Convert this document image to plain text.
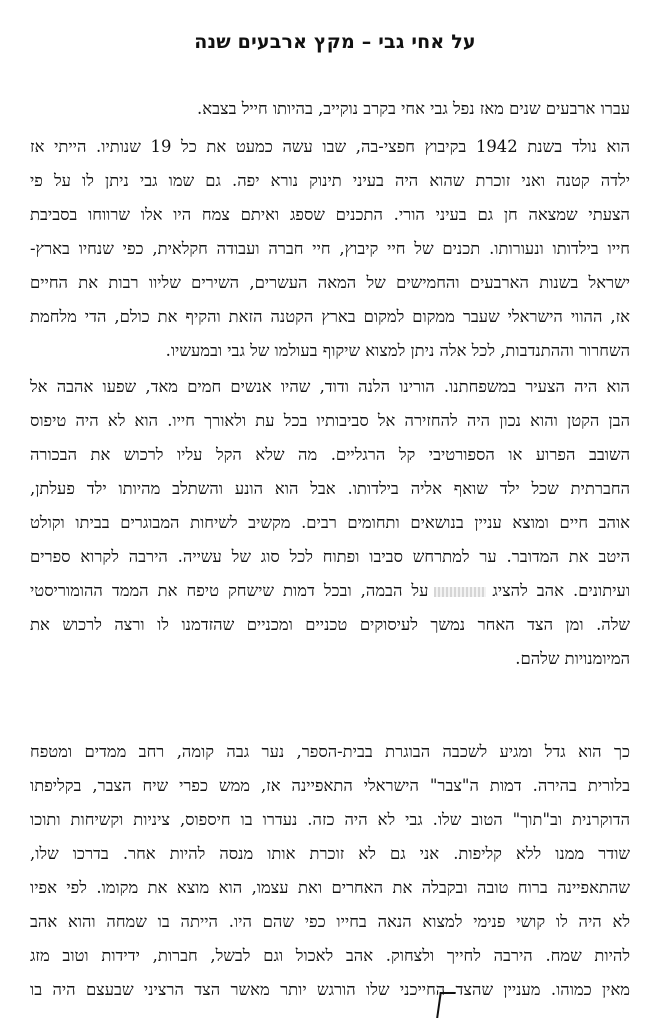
על אחי גבי – מקץ ארבעים שנה
עברו ארבעים שנים מאז נפל גבי אחי בקרב נוקייב, בהיותו חייל בצבא.
הוא נולד בשנת 1942 בקיבוץ חפצי-בה, שבו עשה כמעט את כל 19 שנותיו. הייתי אז
ילדה קטנה ואני זוכרת שהוא היה בעיני תינוק נורא יפה. גם שמו גבי ניתן לו על פי
הצעתי שמצאה חן גם בעיני הורי. התכנים שספג ואיתם צמח היו אלו שרווחו בסביבת
חייו בילדותו ונעורותו. תכנים של חיי קיבוץ, חיי חברה ועבודה חקלאית, כפי שנחיו בארץ-
ישראל בשנות הארבעים והחמישים של המאה העשרים, השירים שליוו רבות את החיים
אז, ההווי הישראלי שעבר ממקום למקום בארץ הקטנה הזאת והקיף את כולם, הדי מלחמת
השחרור וההתנדבות, לכל אלה ניתן למצוא שיקוף בעולמו של גבי ובמעשיו.
הוא היה הצעיר במשפחתנו. הורינו הלנה ודוד, שהיו אנשים חמים מאד, שפעו אהבה אל
הבן הקטן והוא נכון היה להחזירה אל סביבותיו בכל עת ולאורך חייו. הוא לא היה טיפוס
השובב הפרוע או הספורטיבי קל הרגליים. מה שלא הקל עליו לרכוש את הבכורה
החברתית שכל ילד שואף אליה בילדותו. אבל הוא הונע והשתלב מהיותו ילד פעלתן,
אוהב חיים ומוצא עניין בנושאים ותחומים רבים. מקשיב לשיחות המבוגרים בביתו וקולט
היטב את המדובר. ער למתרחש סביבו ופתוח לכל סוג של עשייה. הירבה לקרוא ספרים
ועיתונים. אהב להציגעל הבמה, ובכל דמות שישחק טיפח את הממד ההומוריסטי
שלה. ומן הצד האחר נמשך לעיסוקים טכניים ומכניים שהזדמנו לו ורצה לרכוש את
המיומנויות שלהם.
כך הוא גדל ומגיע לשכבה הבוגרת בבית-הספר, נער גבה קומה, רחב ממדים ומטפח
בלורית בהירה. דמות ה"צבר" הישראלי התאפיינה אז, ממש כפרי שיח הצבר, בקליפתו
הדוקרנית וב"תוך" הטוב שלו. גבי לא היה כזה. נעדרו בו חיספוס, ציניות וקשיחות ותוכו
שודר ממנו ללא קליפות. אני גם לא זוכרת אותו מנסה להיות אחר. בדרכו שלו,
שהתאפיינה ברוח טובה ובקבלה את האחרים ואת עצמו, הוא מוצא את מקומו. לפי אפיו
לא היה לו קושי פנימי למצוא הנאה בחייו כפי שהם היו. הייתה בו שמחה והוא אהב
להיות שמח. הירבה לחייך ולצחוק. אהב לאכול וגם לבשל, חברות, ידידות וטוב מזג
מאין כמוהו. מעניין שהצד החייכני שלו הורגש יותר מאשר הצד הרציני שבעצם היה בו
